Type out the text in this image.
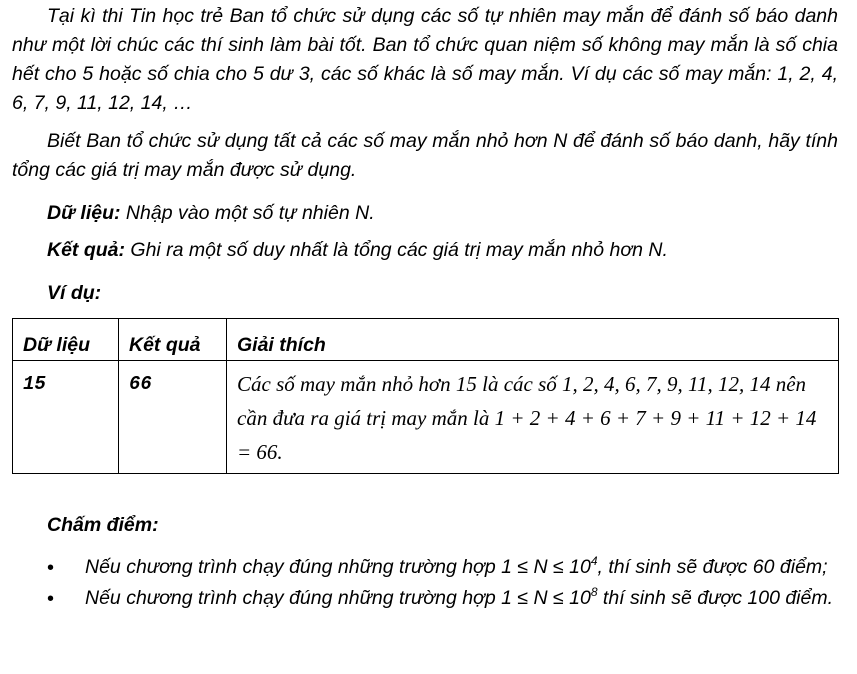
Tại kì thi Tin học trẻ Ban tổ chức sử dụng các số tự nhiên may mắn để đánh số báo danh như một lời chúc các thí sinh làm bài tốt. Ban tổ chức quan niệm số không may mắn là số chia hết cho 5 hoặc số chia cho 5 dư 3, các số khác là số may mắn. Ví dụ các số may mắn: 1, 2, 4, 6, 7, 9, 11, 12, 14, …

Biết Ban tổ chức sử dụng tất cả các số may mắn nhỏ hơn N để đánh số báo danh, hãy tính tổng các giá trị may mắn được sử dụng.

Dữ liệu: Nhập vào một số tự nhiên N.

Kết quả: Ghi ra một số duy nhất là tổng các giá trị may mắn nhỏ hơn N.

Ví dụ:

Dữ liệu	Kết quả	Giải thích
15	66	Các số may mắn nhỏ hơn 15 là các số 1, 2, 4, 6, 7, 9, 11, 12, 14 nên cần đưa ra giá trị may mắn là 1 + 2 + 4 + 6 + 7 + 9 + 11 + 12 + 14 = 66.

Chấm điểm:

• Nếu chương trình chạy đúng những trường hợp $1 \le N \le 10^4$, thí sinh sẽ được 60 điểm;
• Nếu chương trình chạy đúng những trường hợp $1 \le N \le 10^8$ thí sinh sẽ được 100 điểm.
